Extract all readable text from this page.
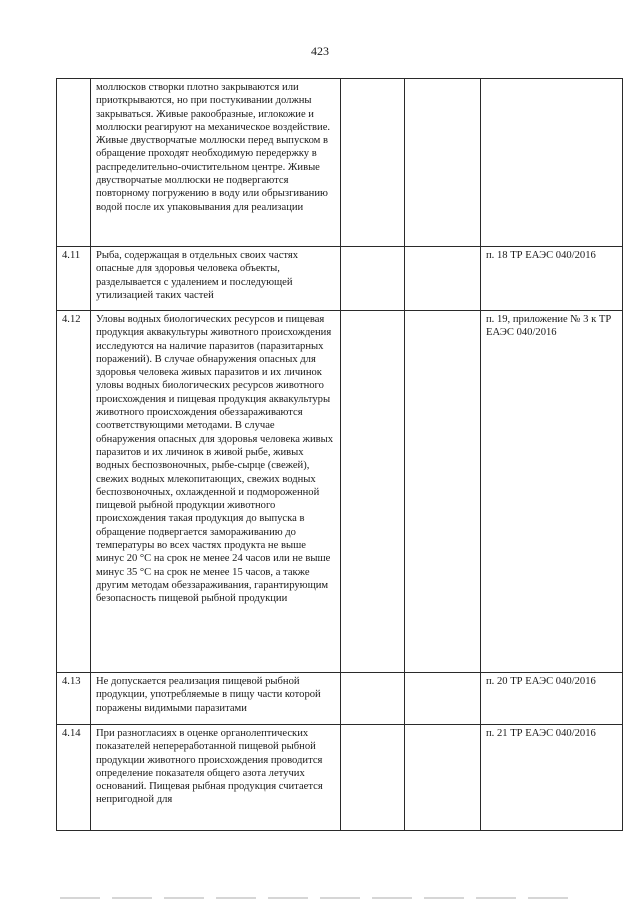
423
	моллюсков створки плотно закрываются или приоткрываются, но при постукивании должны закрываться. Живые ракообразные, иглокожие и моллюски реагируют на механическое воздействие. Живые двустворчатые моллюски перед выпуском в обращение проходят необходимую передержку в распределительно-очистительном центре. Живые двустворчатые моллюски не подвергаются повторному погружению в воду или обрызгиванию водой после их упаковывания для реализации			
4.11	Рыба, содержащая в отдельных своих частях опасные для здоровья человека объекты, разделывается с удалением и последующей утилизацией таких частей			п. 18 ТР ЕАЭС 040/2016
4.12	Уловы водных биологических ресурсов и пищевая продукция аквакультуры животного происхождения исследуются на наличие паразитов (паразитарных поражений). В случае обнаружения опасных для здоровья человека живых паразитов и их личинок уловы водных биологических ресурсов животного происхождения и пищевая продукция аквакультуры животного происхождения обеззараживаются соответствующими методами. В случае обнаружения опасных для здоровья человека живых паразитов и их личинок в живой рыбе, живых водных беспозвоночных, рыбе-сырце (свежей), свежих водных млекопитающих, свежих водных беспозвоночных, охлажденной и подмороженной пищевой рыбной продукции животного происхождения такая продукция до выпуска в обращение подвергается замораживанию до температуры во всех частях продукта не выше минус 20 °С на срок не менее 24 часов или не выше минус 35 °С на срок не менее 15 часов, а также другим методам обеззараживания, гарантирующим безопасность пищевой рыбной продукции			п. 19, приложение № 3 к ТР ЕАЭС 040/2016
4.13	Не допускается реализация пищевой рыбной продукции, употребляемые в пищу части которой поражены видимыми паразитами			п. 20 ТР ЕАЭС 040/2016
4.14	При разногласиях в оценке органолептических показателей непереработанной пищевой рыбной продукции животного происхождения проводится определение показателя общего азота летучих оснований. Пищевая рыбная продукция считается непригодной для			п. 21 ТР ЕАЭС 040/2016
